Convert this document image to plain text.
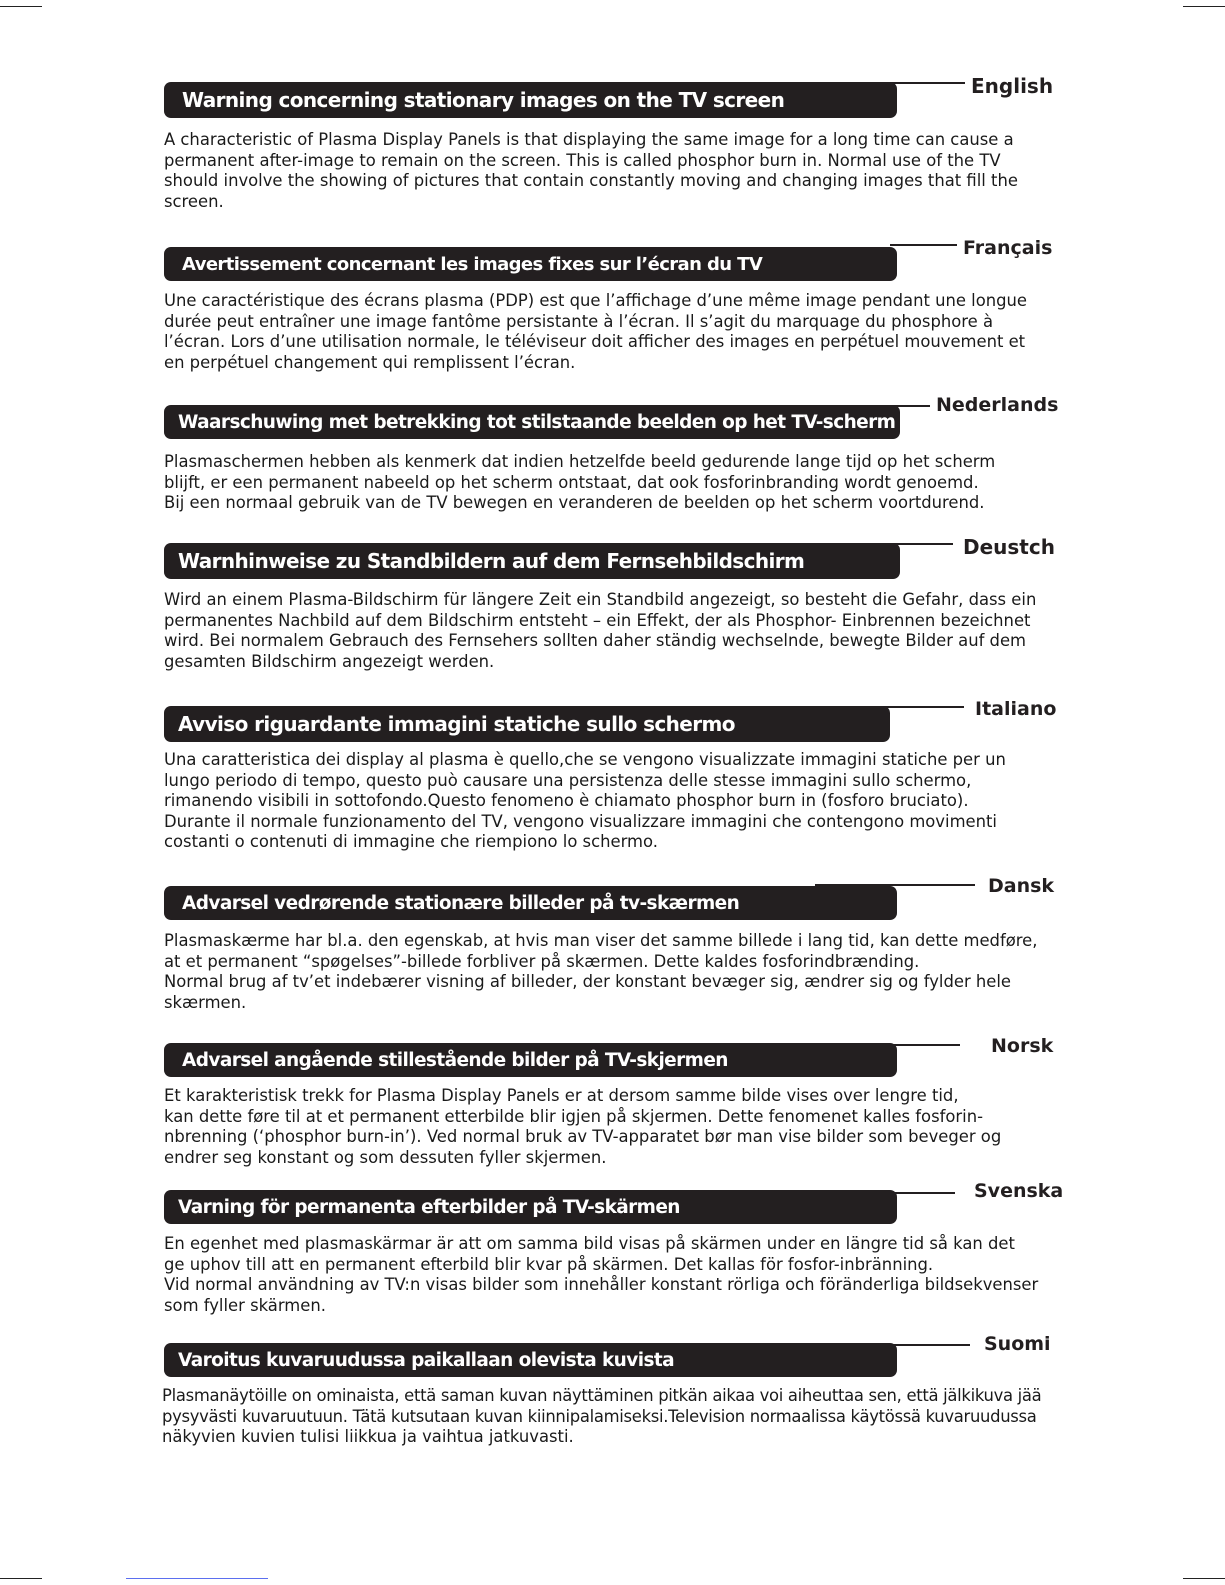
English
Warning concerning stationary images on the TV screen
A characteristic of Plasma Display Panels is that displaying the same image for a long time can cause a
permanent after-image to remain on the screen. This is called phosphor burn in. Normal use of the TV
should involve the showing of pictures that contain constantly moving and changing images that fill the
screen.
Français
Avertissement concernant les images fixes sur l’écran du TV
Une caractéristique des écrans plasma (PDP) est que l’affichage d’une même image pendant une longue
durée peut entraîner une image fantôme persistante à l’écran. Il s’agit du marquage du phosphore à
l’écran. Lors d’une utilisation normale, le téléviseur doit afficher des images en perpétuel mouvement et
en perpétuel changement qui remplissent l’écran.
Nederlands
Waarschuwing met betrekking tot stilstaande beelden op het TV-scherm
Plasmaschermen hebben als kenmerk dat indien hetzelfde beeld gedurende lange tijd op het scherm
blijft, er een permanent nabeeld op het scherm ontstaat, dat ook fosforinbranding wordt genoemd.
Bij een normaal gebruik van de TV bewegen en veranderen de beelden op het scherm voortdurend.
Deustch
Warnhinweise zu Standbildern auf dem Fernsehbildschirm
Wird an einem Plasma-Bildschirm für längere Zeit ein Standbild angezeigt, so besteht die Gefahr, dass ein
permanentes Nachbild auf dem Bildschirm entsteht – ein Effekt, der als Phosphor- Einbrennen bezeichnet
wird. Bei normalem Gebrauch des Fernsehers sollten daher ständig wechselnde, bewegte Bilder auf dem
gesamten Bildschirm angezeigt werden.
Italiano
Avviso riguardante immagini statiche sullo schermo
Una caratteristica dei display al plasma è quello,che se vengono visualizzate immagini statiche per un
lungo periodo di tempo, questo può causare una persistenza delle stesse immagini sullo schermo,
rimanendo visibili in sottofondo.Questo fenomeno è chiamato phosphor burn in (fosforo bruciato).
Durante il normale funzionamento del TV, vengono visualizzare immagini che contengono movimenti
costanti o contenuti di immagine che riempiono lo schermo.
Dansk
Advarsel vedrørende stationære billeder på tv-skærmen
Plasmaskærme har bl.a. den egenskab, at hvis man viser det samme billede i lang tid, kan dette medføre,
at et permanent “spøgelses”-billede forbliver på skærmen. Dette kaldes fosforindbrænding.
Normal brug af tv’et indebærer visning af billeder, der konstant bevæger sig, ændrer sig og fylder hele
skærmen.
Norsk
Advarsel angående stillestående bilder på TV-skjermen
Et karakteristisk trekk for Plasma Display Panels er at dersom samme bilde vises over lengre tid,
kan dette føre til at et permanent etterbilde blir igjen på skjermen. Dette fenomenet kalles fosforin-
nbrenning (‘phosphor burn-in’). Ved normal bruk av TV-apparatet bør man vise bilder som beveger og
endrer seg konstant og som dessuten fyller skjermen.
Svenska
Varning för permanenta efterbilder på TV-skärmen
En egenhet med plasmaskärmar är att om samma bild visas på skärmen under en längre tid så kan det
ge uphov till att en permanent efterbild blir kvar på skärmen. Det kallas för fosfor-inbränning.
Vid normal användning av TV:n visas bilder som innehåller konstant rörliga och föränderliga bildsekvenser
som fyller skärmen.
Suomi
Varoitus kuvaruudussa paikallaan olevista kuvista
Plasmanäytöille on ominaista, että saman kuvan näyttäminen pitkän aikaa voi aiheuttaa sen, että jälkikuva jää
pysyvästi kuvaruutuun. Tätä kutsutaan kuvan kiinnipalamiseksi.Television normaalissa käytössä kuvaruudussa
näkyvien kuvien tulisi liikkua ja vaihtua jatkuvasti.
